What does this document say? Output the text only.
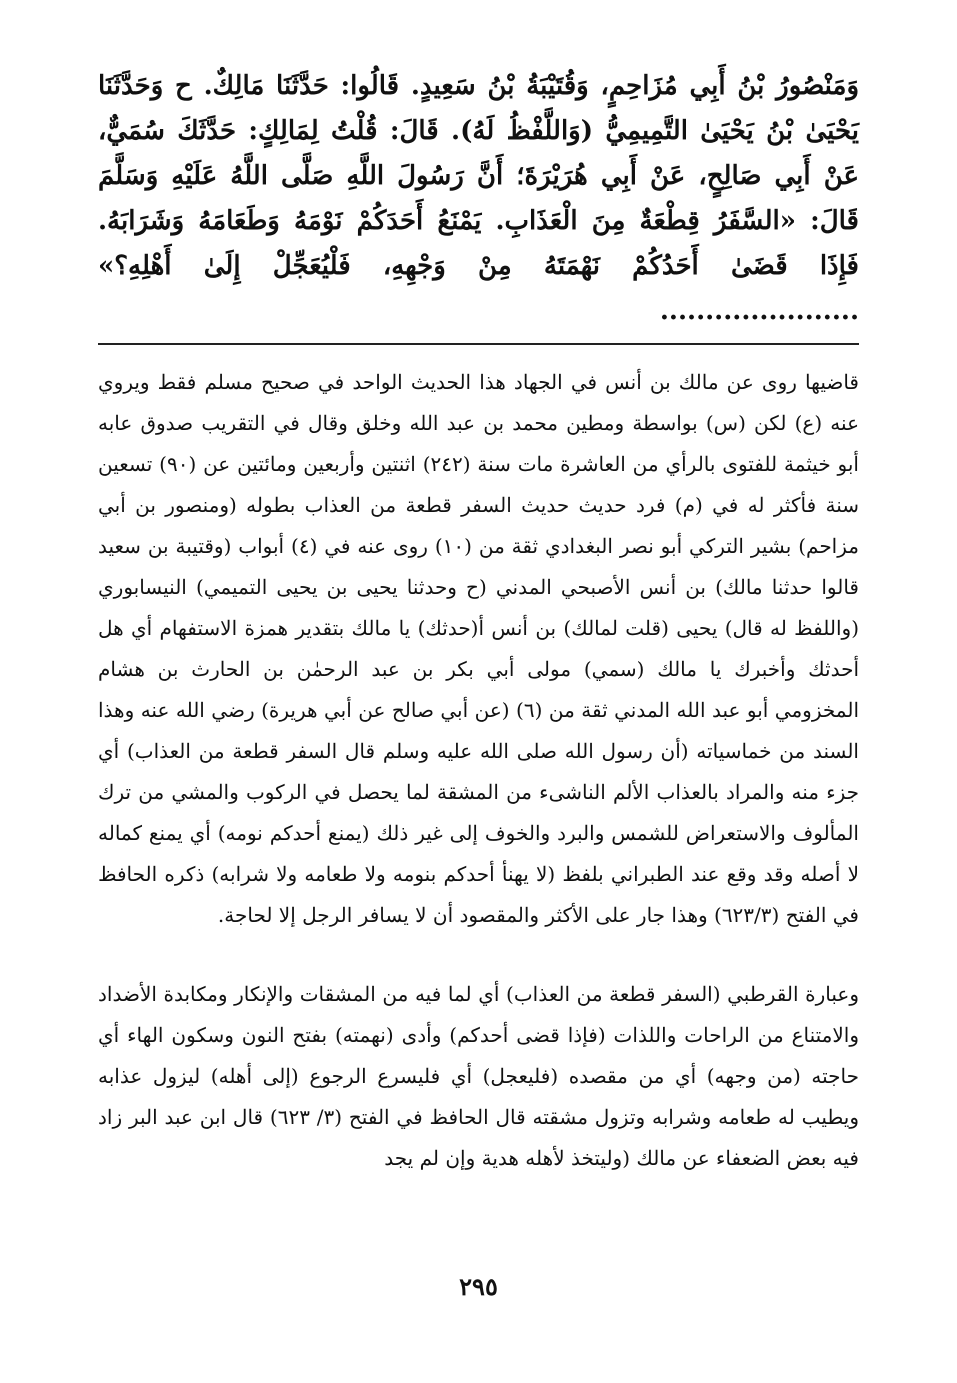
وَمَنْصُورُ بْنُ أَبِي مُزَاحِمٍ، وَقُتَيْبَةُ بْنُ سَعِيدٍ. قَالُوا: حَدَّثَنَا مَالِكٌ. ح وَحَدَّثَنَا يَحْيَىٰ بْنُ يَحْيَىٰ التَّمِيمِيُّ (وَاللَّفْظُ لَهُ). قَالَ: قُلْتُ لِمَالِكٍ: حَدَّثَكَ سُمَيٌّ، عَنْ أَبِي صَالِحٍ، عَنْ أَبِي هُرَيْرَةَ؛ أَنَّ رَسُولَ اللَّهِ صَلَّى اللَّهُ عَلَيْهِ وَسَلَّمَ قَالَ: «السَّفَرُ قِطْعَةٌ مِنَ الْعَذَابِ. يَمْنَعُ أَحَدَكُمْ نَوْمَهُ وَطَعَامَهُ وَشَرَابَهُ. فَإِذَا قَضَىٰ أَحَدُكُمْ نَهْمَتَهُ مِنْ وَجْهِهِ، فَلْيُعَجِّلْ إِلَىٰ أَهْلِهِ؟» ......................

قاضيها روى عن مالك بن أنس في الجهاد هذا الحديث الواحد في صحيح مسلم فقط ويروي عنه (ع) لكن (س) بواسطة ومطين محمد بن عبد الله وخلق وقال في التقريب صدوق عابه أبو خيثمة للفتوى بالرأي من العاشرة مات سنة (٢٤٢) اثنتين وأربعين ومائتين عن (٩٠) تسعين سنة فأكثر له في (م) فرد حديث حديث السفر قطعة من العذاب بطوله (ومنصور بن أبي مزاحم) بشير التركي أبو نصر البغدادي ثقة من (١٠) روى عنه في (٤) أبواب (وقتيبة بن سعيد قالوا حدثنا مالك) بن أنس الأصبحي المدني (ح وحدثنا يحيى بن يحيى التميمي) النيسابوري (واللفظ له قال) يحيى (قلت لمالك) بن أنس أ(حدثك) يا مالك بتقدير همزة الاستفهام أي هل أحدثك وأخبرك يا مالك (سمي) مولى أبي بكر بن عبد الرحمٰن بن الحارث بن هشام المخزومي أبو عبد الله المدني ثقة من (٦) (عن أبي صالح عن أبي هريرة) رضي الله عنه وهذا السند من خماسياته (أن رسول الله صلى الله عليه وسلم قال السفر قطعة من العذاب) أي جزء منه والمراد بالعذاب الألم الناشىء من المشقة لما يحصل في الركوب والمشي من ترك المألوف والاستعراض للشمس والبرد والخوف إلى غير ذلك (يمنع أحدكم نومه) أي يمنع كماله لا أصله وقد وقع عند الطبراني بلفظ (لا يهنأ أحدكم بنومه ولا طعامه ولا شرابه) ذكره الحافظ في الفتح (٦٢٣/٣) وهذا جار على الأكثر والمقصود أن لا يسافر الرجل إلا لحاجة.

وعبارة القرطبي (السفر قطعة من العذاب) أي لما فيه من المشقات والإنكار ومكابدة الأضداد والامتناع من الراحات واللذات (فإذا قضى أحدكم) وأدى (نهمته) بفتح النون وسكون الهاء أي حاجته (من وجهه) أي من مقصده (فليعجل) أي فليسرع الرجوع (إلى أهله) ليزول عذابه ويطيب له طعامه وشرابه وتزول مشقته قال الحافظ في الفتح (٣/ ٦٢٣) قال ابن عبد البر زاد فيه بعض الضعفاء عن مالك (وليتخذ لأهله هدية وإن لم يجد

٢٩٥
